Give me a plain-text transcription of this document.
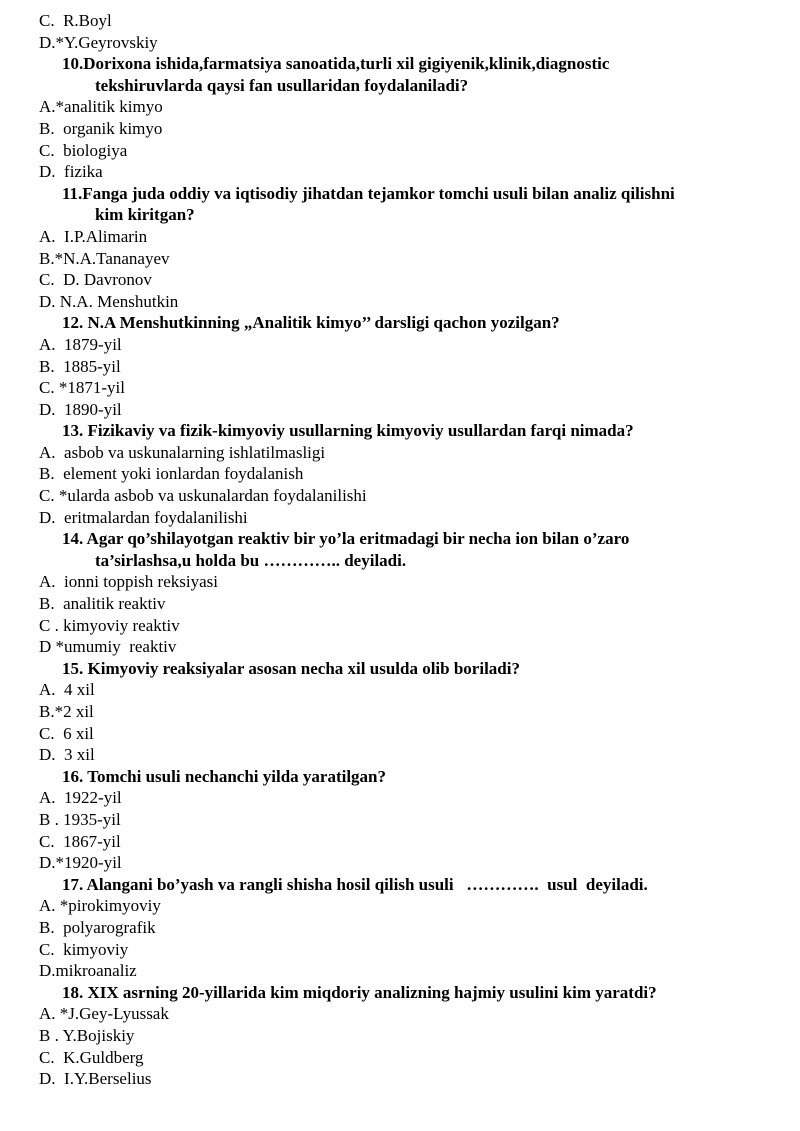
C.  R.Boyl
D.*Y.Geyrovskiy
10.Dorixona ishida,farmatsiya sanoatida,turli xil gigiyenik,klinik,diagnostic
tekshiruvlarda qaysi fan usullaridan foydalaniladi?
A.*analitik kimyo
B.  organik kimyo
C.  biologiya
D.  fizika
11.Fanga juda oddiy va iqtisodiy jihatdan tejamkor tomchi usuli bilan analiz qilishni
kim kiritgan?
A.  I.P.Alimarin
B.*N.A.Tananayev
C.  D. Davronov
D. N.A. Menshutkin
12. N.A Menshutkinning „Analitik kimyo’’ darsligi qachon yozilgan?
A.  1879-yil
B.  1885-yil
C. *1871-yil
D.  1890-yil
13. Fizikaviy va fizik-kimyoviy usullarning kimyoviy usullardan farqi nimada?
A.  asbob va uskunalarning ishlatilmasligi
B.  element yoki ionlardan foydalanish
C. *ularda asbob va uskunalardan foydalanilishi
D.  eritmalardan foydalanilishi
14. Agar qo’shilayotgan reaktiv bir yo’la eritmadagi bir necha ion bilan o’zaro
ta’sirlashsa,u holda bu ………….. deyiladi.
A.  ionni toppish reksiyasi
B.  analitik reaktiv
C . kimyoviy reaktiv
D *umumiy  reaktiv
15. Kimyoviy reaksiyalar asosan necha xil usulda olib boriladi?
A.  4 xil
B.*2 xil
C.  6 xil
D.  3 xil
16. Tomchi usuli nechanchi yilda yaratilgan?
A.  1922-yil
B . 1935-yil
C.  1867-yil
D.*1920-yil
17. Alangani bo’yash va rangli shisha hosil qilish usuli   ………….  usul  deyiladi.
A. *pirokimyoviy
B.  polyarografik
C.  kimyoviy
D.mikroanaliz
18. XIX asrning 20-yillarida kim miqdoriy analizning hajmiy usulini kim yaratdi?
A. *J.Gey-Lyussak
B . Y.Bojiskiy
C.  K.Guldberg
D.  I.Y.Berselius
